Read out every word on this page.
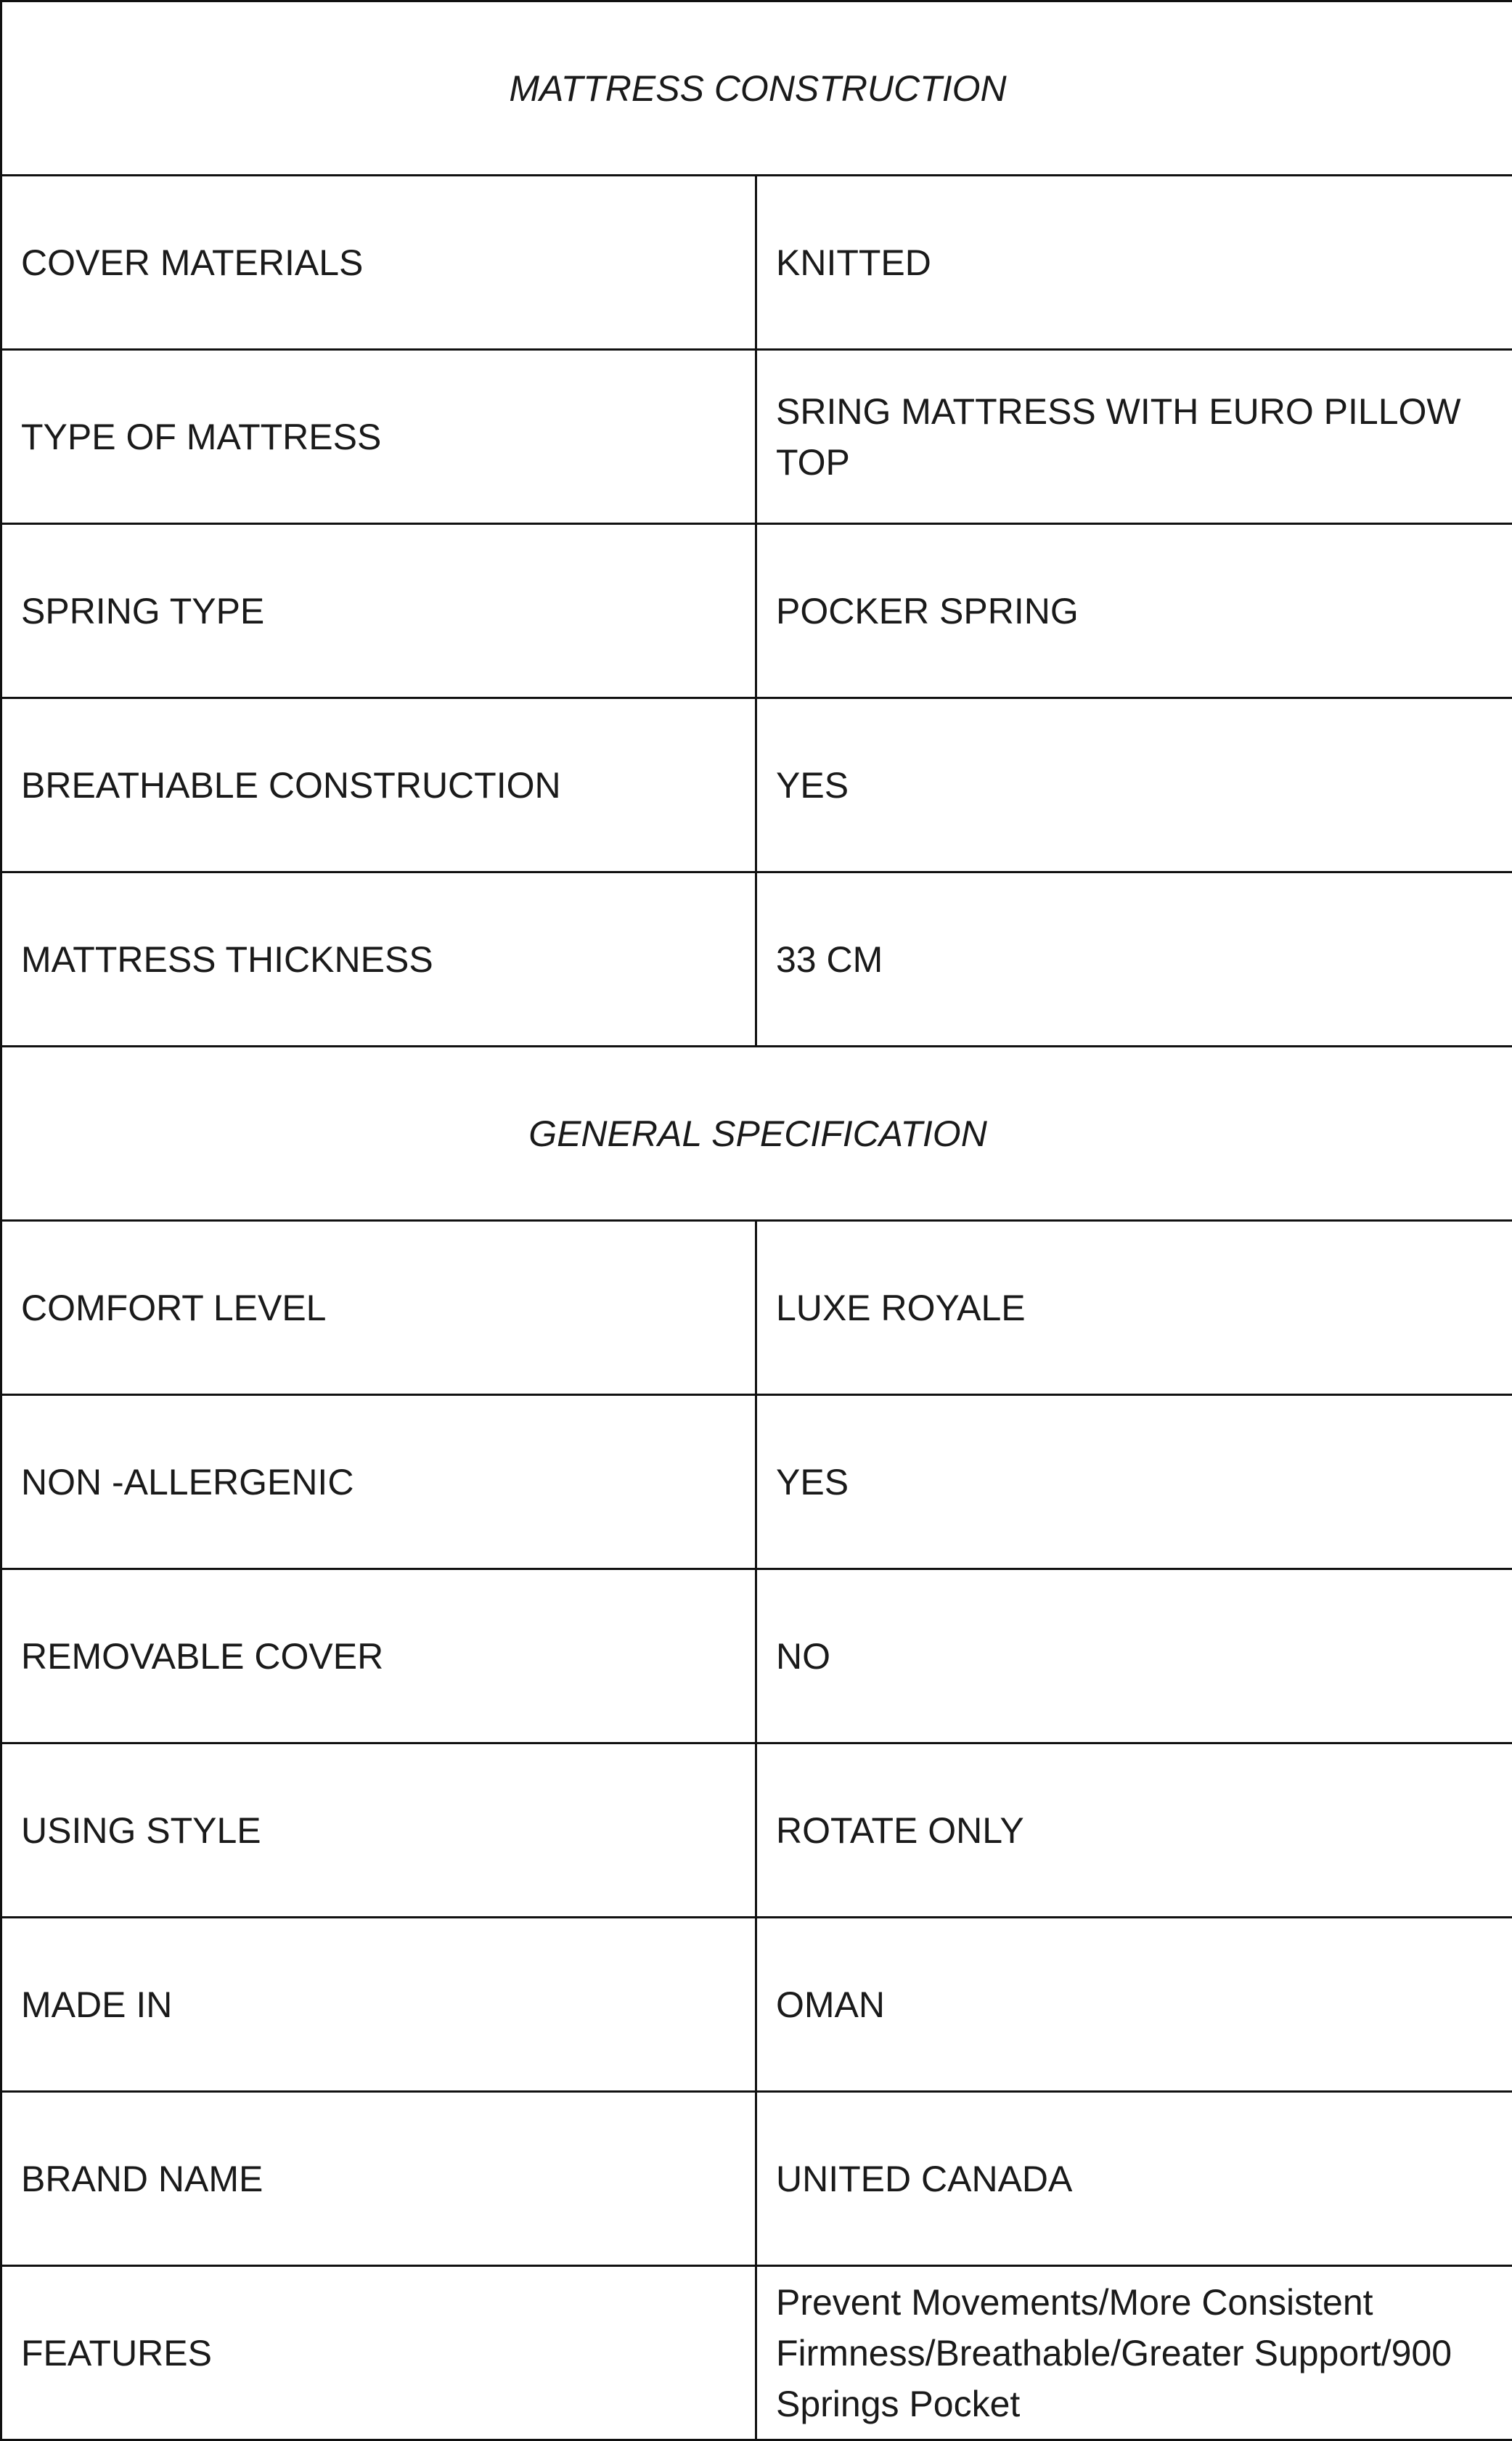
MATTRESS CONSTRUCTION	
COVER MATERIALS	KNITTED
TYPE OF MATTRESS	SRING MATTRESS WITH EURO PILLOW TOP
SPRING TYPE	POCKER SPRING
BREATHABLE CONSTRUCTION	YES
MATTRESS THICKNESS	33 CM
GENERAL SPECIFICATION	
COMFORT LEVEL	LUXE ROYALE
NON -ALLERGENIC	YES
REMOVABLE COVER	NO
USING STYLE	ROTATE ONLY
MADE IN	OMAN
BRAND NAME	UNITED CANADA
FEATURES	Prevent Movements/More Consistent Firmness/Breathable/Greater Support/900 Springs Pocket
